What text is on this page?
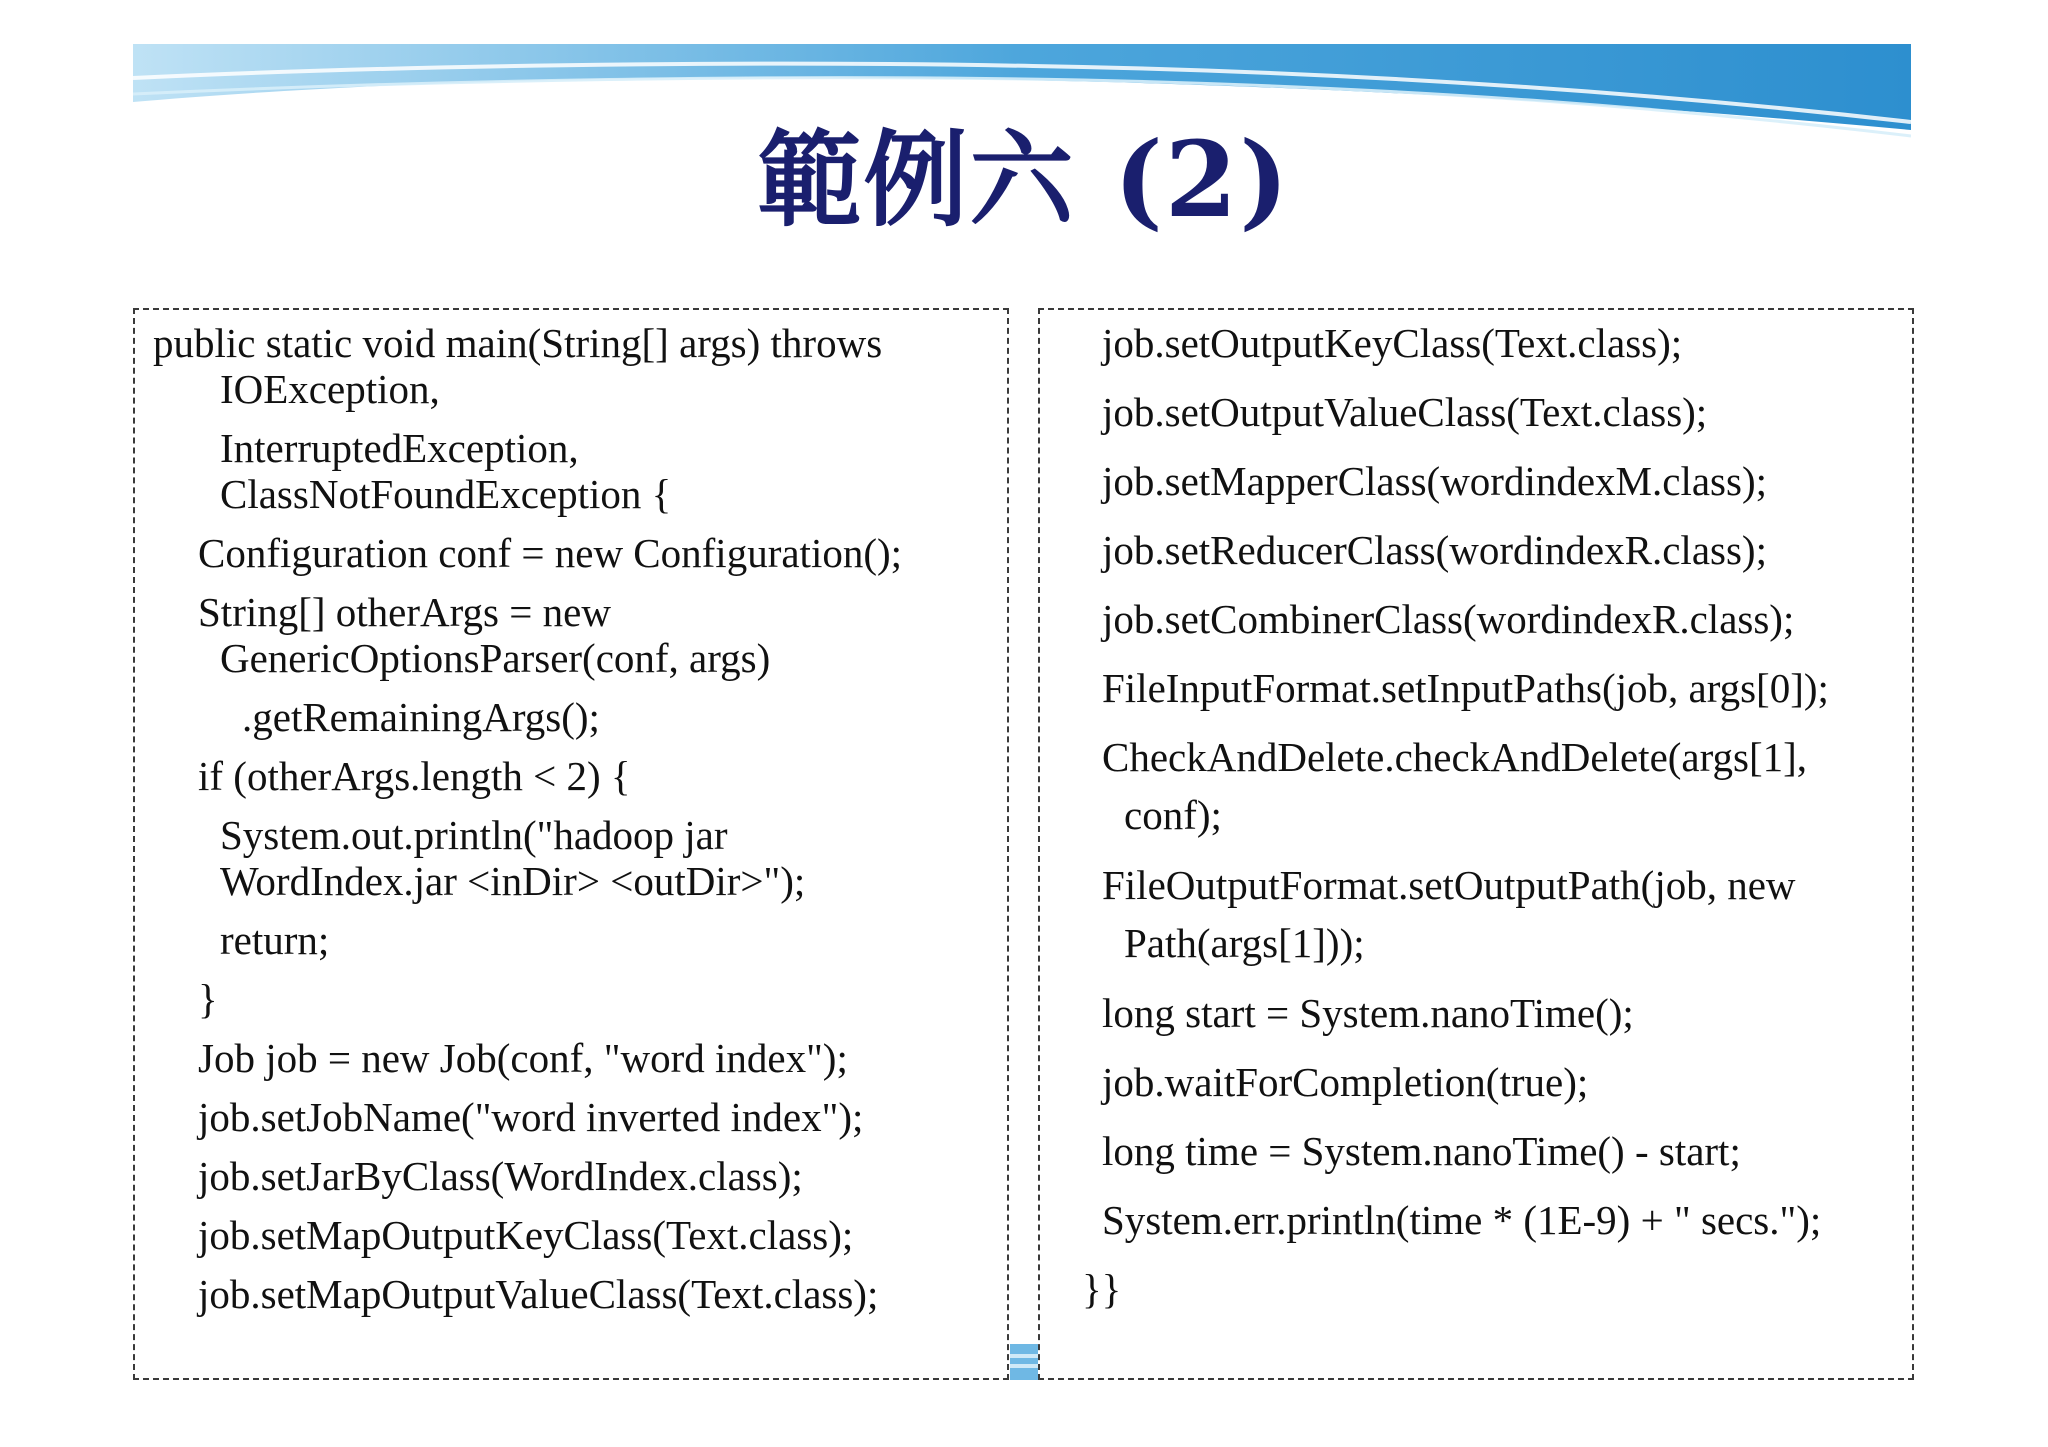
範例六 (2)
public static void main(String[] args) throws
IOException,
InterruptedException,
ClassNotFoundException {
Configuration conf = new Configuration();
String[] otherArgs = new
GenericOptionsParser(conf, args)
.getRemainingArgs();
if (otherArgs.length < 2) {
System.out.println("hadoop jar
WordIndex.jar <inDir> <outDir>");
return;
}
Job job = new Job(conf, "word index");
job.setJobName("word inverted index");
job.setJarByClass(WordIndex.class);
job.setMapOutputKeyClass(Text.class);
job.setMapOutputValueClass(Text.class);
job.setOutputKeyClass(Text.class);
job.setOutputValueClass(Text.class);
job.setMapperClass(wordindexM.class);
job.setReducerClass(wordindexR.class);
job.setCombinerClass(wordindexR.class);
FileInputFormat.setInputPaths(job, args[0]);
CheckAndDelete.checkAndDelete(args[1],
conf);
FileOutputFormat.setOutputPath(job, new
Path(args[1]));
long start = System.nanoTime();
job.waitForCompletion(true);
long time = System.nanoTime() - start;
System.err.println(time * (1E-9) + " secs.");
}}
